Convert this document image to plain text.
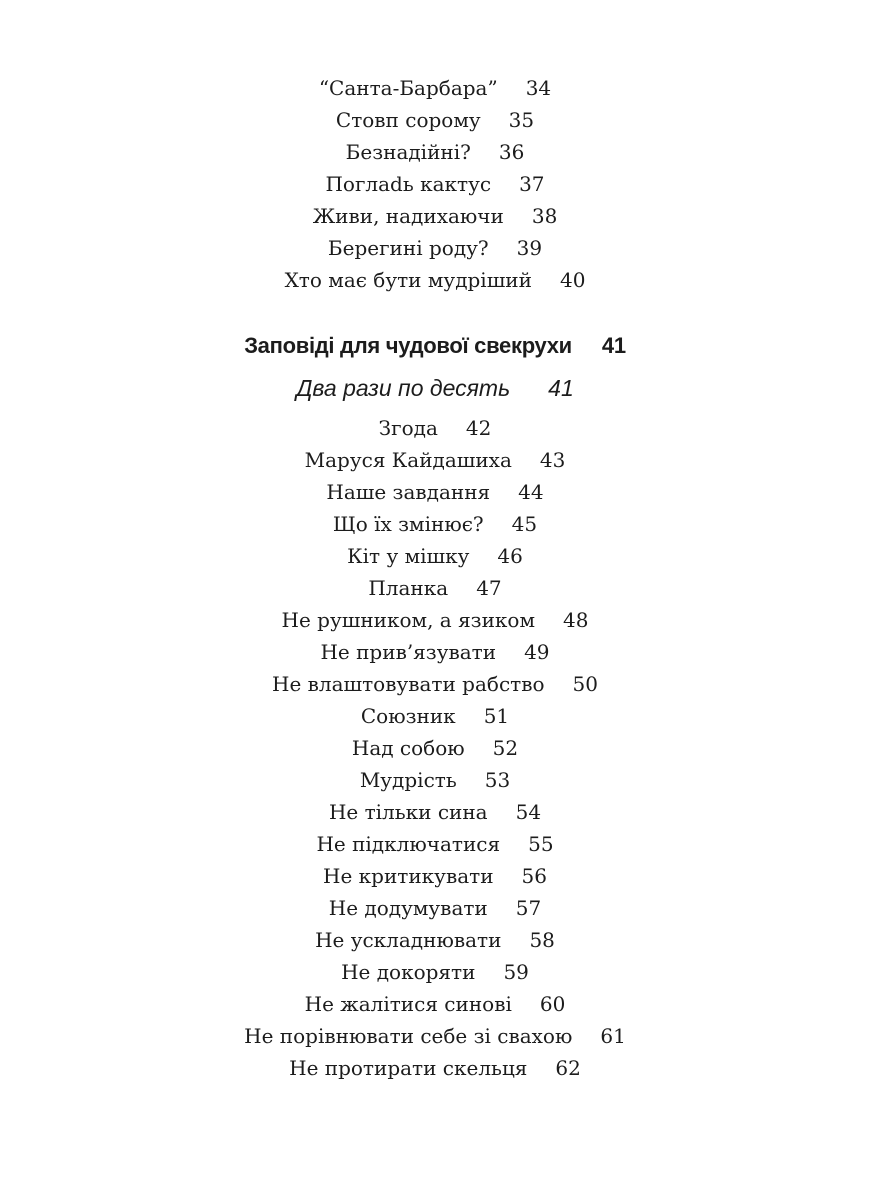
“Санта-Барбара” 34
Стовп сорому 35
Безнадійні? 36
Поглadь кактус 37
Живи, надихаючи 38
Берегині роду? 39
Хто має бути мудріший 40
Заповіді для чудової свекрухи 41
Два рази по десять 41
Згода 42
Маруся Кайдашиха 43
Наше завдання 44
Що їх змінює? 45
Кіт у мішку 46
Планка 47
Не рушником, а язиком 48
Не прив’язувати 49
Не влаштовувати рабство 50
Союзник 51
Над собою 52
Мудрість 53
Не тільки сина 54
Не підключатися 55
Не критикувати 56
Не додумувати 57
Не ускладнювати 58
Не докоряти 59
Не жалітися синові 60
Не порівнювати себе зі свахою 61
Не протирати скельця 62
